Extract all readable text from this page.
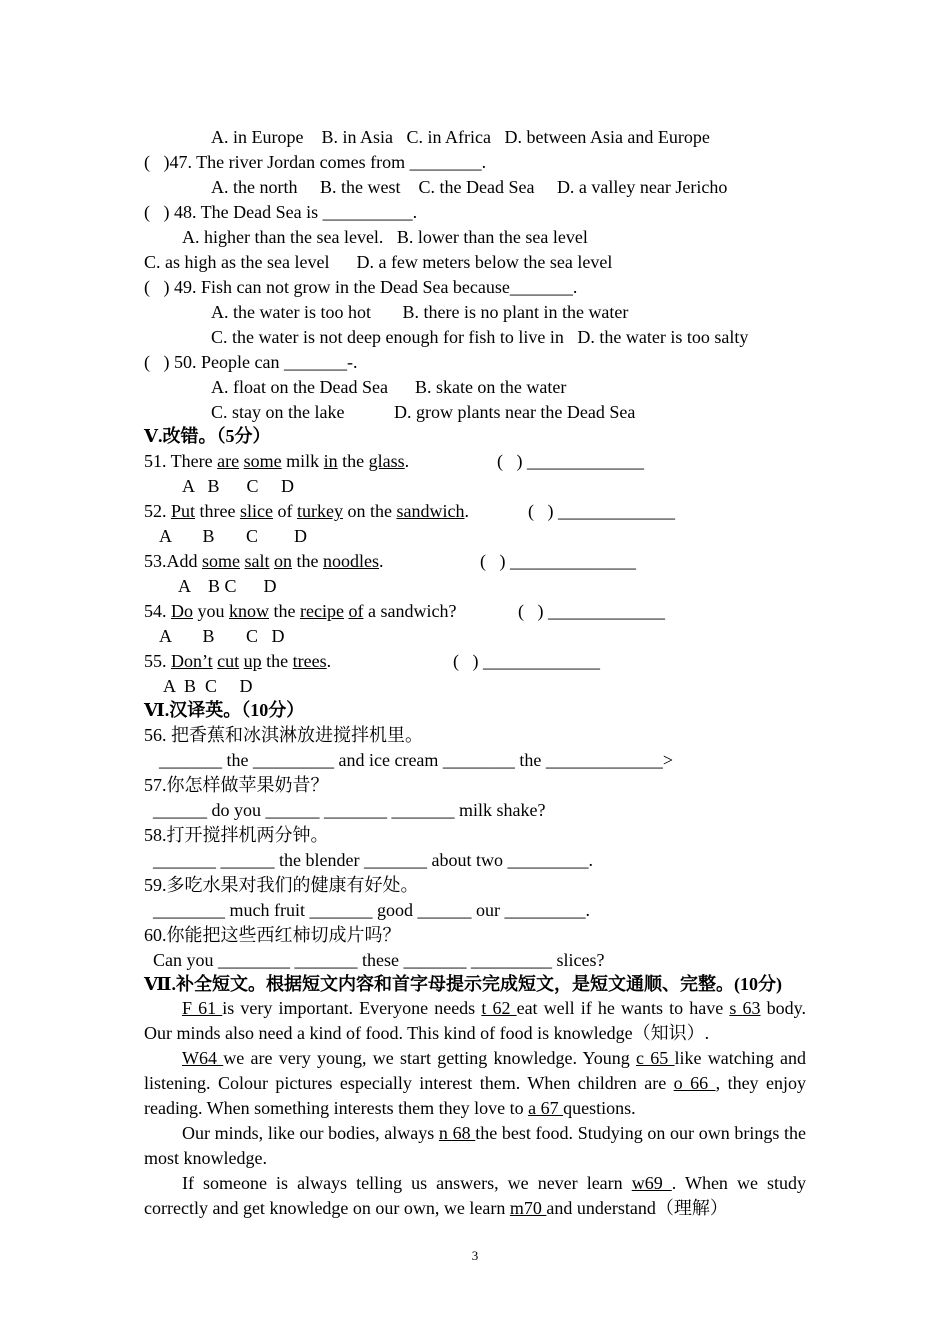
A. in Europe    B. in Asia   C. in Africa   D. between Asia and Europe
(   )47. The river Jordan comes from ________.
A. the north     B. the west    C. the Dead Sea     D. a valley near Jericho
(   ) 48. The Dead Sea is __________.
A. higher than the sea level.   B. lower than the sea level
C. as high as the sea level      D. a few meters below the sea level
(   ) 49. Fish can not grow in the Dead Sea because_______.
A. the water is too hot       B. there is no plant in the water
C. the water is not deep enough for fish to live in   D. the water is too salty
(   ) 50. People can _______-.
A. float on the Dead Sea      B. skate on the water
C. stay on the lake           D. grow plants near the Dead Sea
Ⅴ.改错。（5分）
51. There are some milk in the glass.	(   ) _____________
A   B      C     D
52. Put three slice of turkey on the sandwich.	(   ) _____________
A       B       C        D
53.Add some salt on the noodles.	(   ) ______________
A    B C      D
54. Do you know the recipe of a sandwich?	(   ) _____________
A       B       C   D
55. Don’t cut up the trees.	(   ) _____________
A  B  C     D
Ⅵ.汉译英。（10分）
56. 把香蕉和冰淇淋放进搅拌机里。
_______ the _________ and ice cream ________ the _____________>
57.你怎样做苹果奶昔？
______ do you ______ _______ _______ milk shake?
58.打开搅拌机两分钟。
_______ ______ the blender _______ about two _________.
59.多吃水果对我们的健康有好处。
________ much fruit _______ good ______ our _________.
60.你能把这些西红柿切成片吗？
Can you ________ _______ these _______ _________ slices?
Ⅶ.补全短文。根据短文内容和首字母提示完成短文，是短文通顺、完整。(10分)
F 61 is very important. Everyone needs t 62 eat well if he wants to have s 63 body. Our minds also need a kind of food. This kind of food is knowledge（知识）.
W64 we are very young, we start getting knowledge. Young c 65 like watching and listening. Colour pictures especially interest them. When children are o 66 , they enjoy reading. When something interests them they love to a 67 questions.
Our minds, like our bodies, always n 68 the best food. Studying on our own brings the most knowledge.
If someone is always telling us answers, we never learn w69 . When we study correctly and get knowledge on our own, we learn m70 and understand（理解）
3
